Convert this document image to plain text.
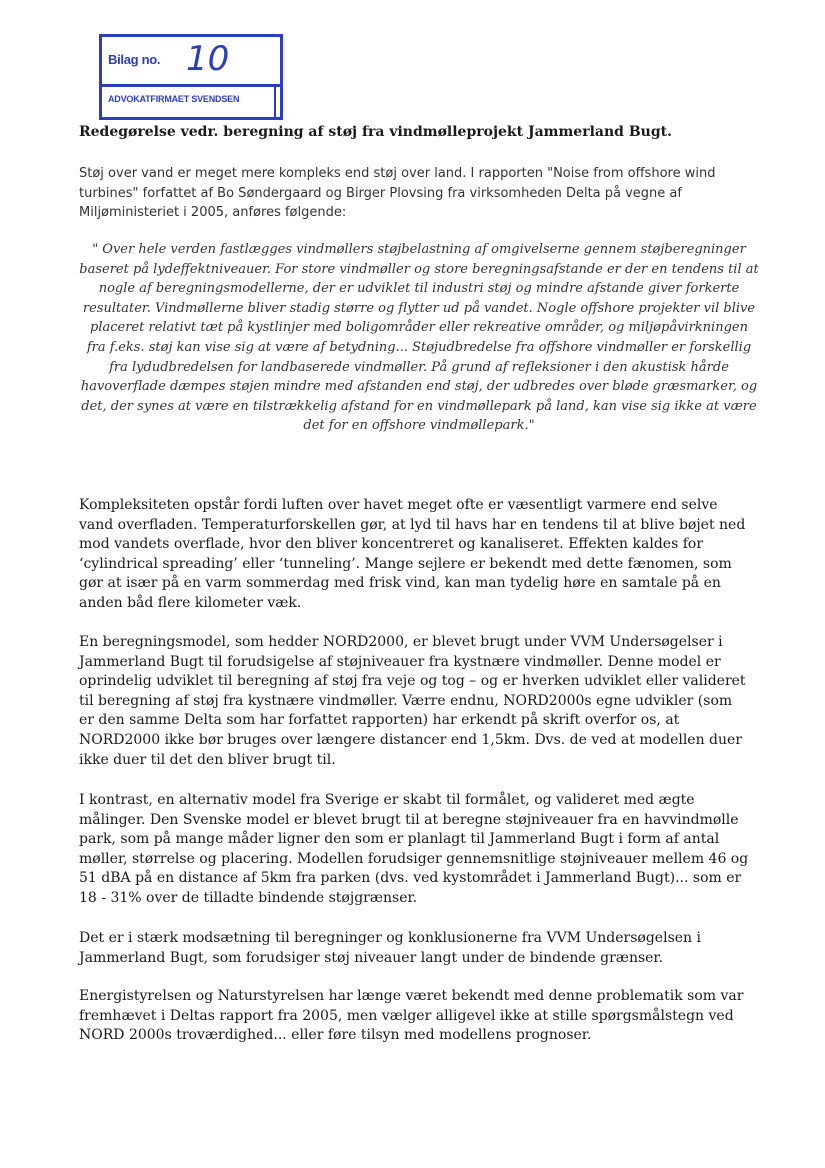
Bilag no. 10
ADVOKATFIRMAET SVENDSEN
Redegørelse vedr. beregning af støj fra vindmølleprojekt Jammerland Bugt.

Støj over vand er meget mere kompleks end støj over land. I rapporten "Noise from offshore wind turbines" forfattet af Bo Søndergaard og Birger Plovsing fra virksomheden Delta på vegne af Miljøministeriet i 2005, anføres følgende:

" Over hele verden fastlægges vindmøllers støjbelastning af omgivelserne gennem støjberegninger baseret på lydeffektniveauer. For store vindmøller og store beregningsafstande er der en tendens til at nogle af beregningsmodellerne, der er udviklet til industri støj og mindre afstande giver forkerte resultater. Vindmøllerne bliver stadig større og flytter ud på vandet. Nogle offshore projekter vil blive placeret relativt tæt på kystlinjer med boligområder eller rekreative områder, og miljøpåvirkningen fra f.eks. støj kan vise sig at være af betydning... Støjudbredelse fra offshore vindmøller er forskellig fra lydudbredelsen for landbaserede vindmøller. På grund af refleksioner i den akustisk hårde havoverflade dæmpes støjen mindre med afstanden end støj, der udbredes over bløde græsmarker, og det, der synes at være en tilstrækkelig afstand for en vindmøllepark på land, kan vise sig ikke at være det for en offshore vindmøllepark."

Kompleksiteten opstår fordi luften over havet meget ofte er væsentligt varmere end selve vand overfladen. Temperaturforskellen gør, at lyd til havs har en tendens til at blive bøjet ned mod vandets overflade, hvor den bliver koncentreret og kanaliseret. Effekten kaldes for ‘cylindrical spreading’ eller ‘tunneling’. Mange sejlere er bekendt med dette fænomen, som gør at især på en varm sommerdag med frisk vind, kan man tydelig høre en samtale på en anden båd flere kilometer væk.

En beregningsmodel, som hedder NORD2000, er blevet brugt under VVM Undersøgelser i Jammerland Bugt til forudsigelse af støjniveauer fra kystnære vindmøller. Denne model er oprindelig udviklet til beregning af støj fra veje og tog – og er hverken udviklet eller valideret til beregning af støj fra kystnære vindmøller. Værre endnu, NORD2000s egne udvikler (som er den samme Delta som har forfattet rapporten) har erkendt på skrift overfor os, at NORD2000 ikke bør bruges over længere distancer end 1,5km. Dvs. de ved at modellen duer ikke duer til det den bliver brugt til.

I kontrast, en alternativ model fra Sverige er skabt til formålet, og valideret med ægte målinger. Den Svenske model er blevet brugt til at beregne støjniveauer fra en havvindmølle park, som på mange måder ligner den som er planlagt til Jammerland Bugt i form af antal møller, størrelse og placering. Modellen forudsiger gennemsnitlige støjniveauer mellem 46 og 51 dBA på en distance af 5km fra parken (dvs. ved kystområdet i Jammerland Bugt)... som er 18 - 31% over de tilladte bindende støjgrænser.

Det er i stærk modsætning til beregninger og konklusionerne fra VVM Undersøgelsen i Jammerland Bugt, som forudsiger støj niveauer langt under de bindende grænser.

Energistyrelsen og Naturstyrelsen har længe været bekendt med denne problematik som var fremhævet i Deltas rapport fra 2005, men vælger alligevel ikke at stille spørgsmålstegn ved NORD 2000s troværdighed... eller føre tilsyn med modellens prognoser.
